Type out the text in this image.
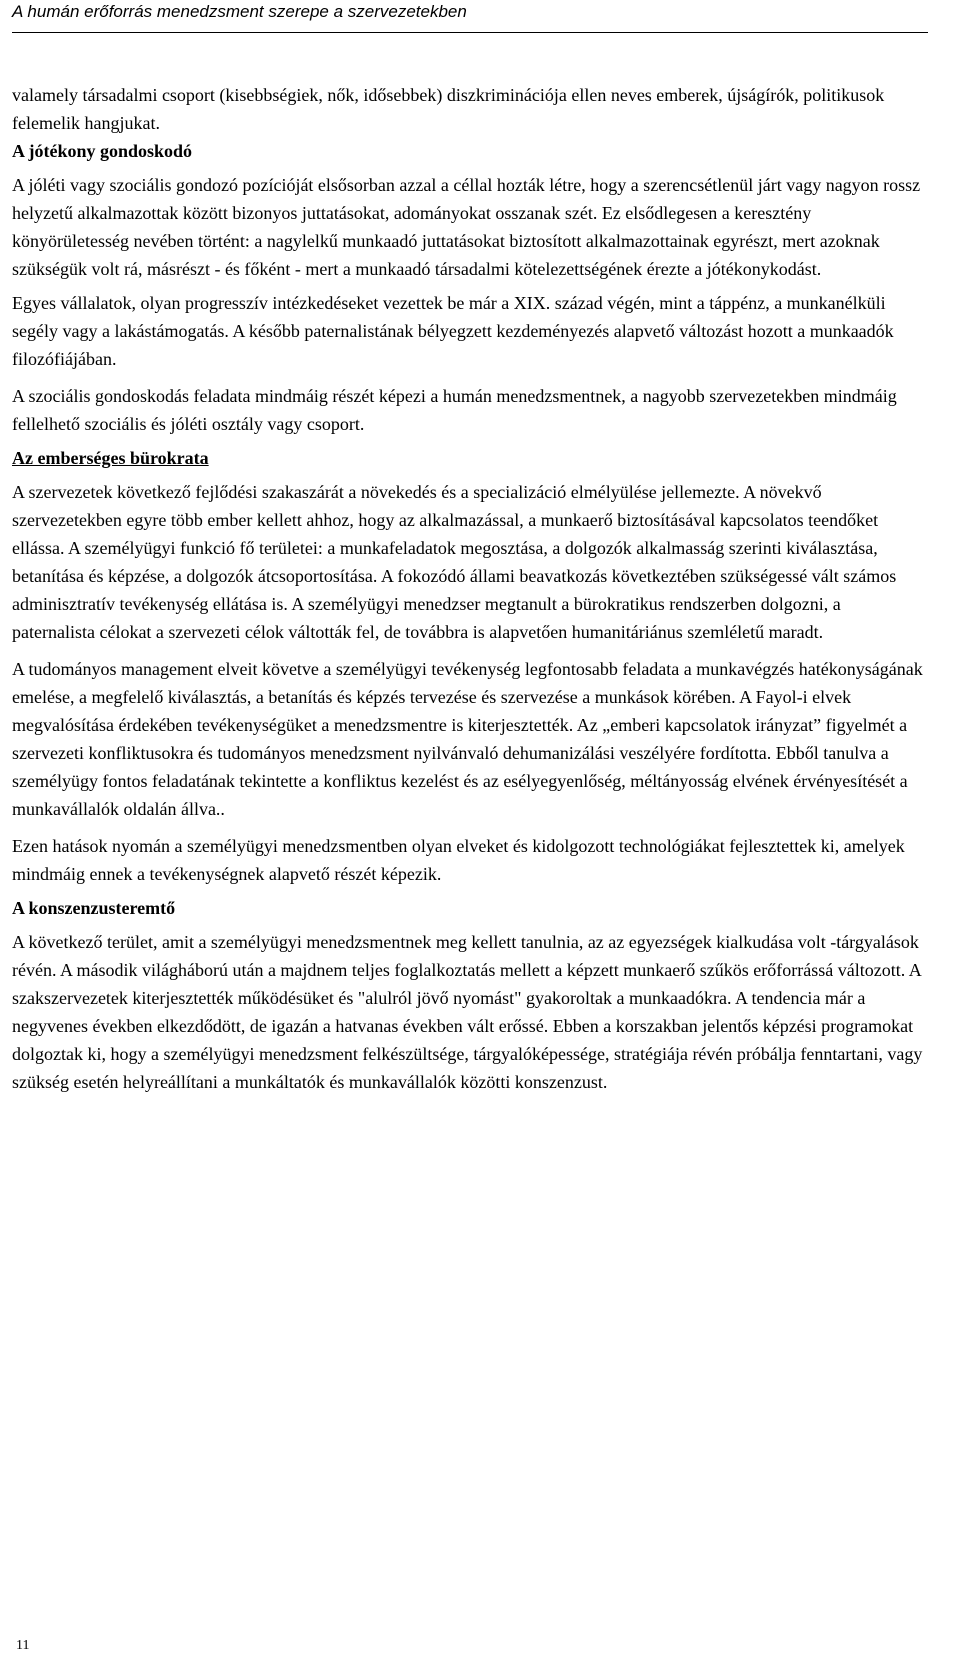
A humán erőforrás menedzsment szerepe a szervezetekben

valamely társadalmi csoport (kisebbségiek, nők, idősebbek) diszkriminációja ellen neves emberek, újságírók, politikusok felemelik hangjukat.

A jótékony gondoskodó

A jóléti vagy szociális gondozó pozícióját elsősorban azzal a céllal hozták létre, hogy a szerencsétlenül járt vagy nagyon rossz helyzetű alkalmazottak között bizonyos juttatásokat, adományokat osszanak szét. Ez elsődlegesen a keresztény könyörületesség nevében történt: a nagylelkű munkaadó juttatásokat biztosított alkalmazottainak egyrészt, mert azoknak szükségük volt rá, másrészt - és főként - mert a munkaadó társadalmi kötelezettségének érezte a jótékonykodást.

Egyes vállalatok, olyan progresszív intézkedéseket vezettek be már a XIX. század végén, mint a táppénz, a munkanélküli segély vagy a lakástámogatás. A később paternalistának bélyegzett kezdeményezés alapvető változást hozott a munkaadók filozófiájában.

A szociális gondoskodás feladata mindmáig részét képezi a humán menedzsmentnek, a nagyobb szervezetekben mindmáig fellelhető szociális és jóléti osztály vagy csoport.

Az emberséges bürokrata

A szervezetek következő fejlődési szakaszárát a növekedés és a specializáció elmélyülése jellemezte. A növekvő szervezetekben egyre több ember kellett ahhoz, hogy az alkalmazással, a munkaerő biztosításával kapcsolatos teendőket ellássa. A személyügyi funkció fő területei: a munkafeladatok megosztása, a dolgozók alkalmasság szerinti kiválasztása, betanítása és képzése, a dolgozók átcsoportosítása. A fokozódó állami beavatkozás következtében szükségessé vált számos adminisztratív tevékenység ellátása is. A személyügyi menedzser megtanult a bürokratikus rendszerben dolgozni, a paternalista célokat a szervezeti célok váltották fel, de továbbra is alapvetően humanitáriánus szemléletű maradt.

A tudományos management elveit követve a személyügyi tevékenység legfontosabb feladata a munkavégzés hatékonyságának emelése, a megfelelő kiválasztás, a betanítás és képzés tervezése és szervezése a munkások körében. A Fayol-i elvek megvalósítása érdekében tevékenységüket a menedzsmentre is kiterjesztették. Az „emberi kapcsolatok irányzat” figyelmét a szervezeti konfliktusokra és tudományos menedzsment nyilvánvaló dehumanizálási veszélyére fordította. Ebből tanulva a személyügy fontos feladatának tekintette a konfliktus kezelést és az esélyegyenlőség, méltányosság elvének érvényesítését a munkavállalók oldalán állva..

Ezen hatások nyomán a személyügyi menedzsmentben olyan elveket és kidolgozott technológiákat fejlesztettek ki, amelyek mindmáig ennek a tevékenységnek alapvető részét képezik.

A konszenzusteremtő

A következő terület, amit a személyügyi menedzsmentnek meg kellett tanulnia, az az egyezségek kialkudása volt -tárgyalások révén. A második világháború után a majdnem teljes foglalkoztatás mellett a képzett munkaerő szűkös erőforrássá változott. A szakszervezetek kiterjesztették működésüket és "alulról jövő nyomást" gyakoroltak a munkaadókra. A tendencia már a negyvenes években elkezdődött, de igazán a hatvanas években vált erőssé. Ebben a korszakban jelentős képzési programokat dolgoztak ki, hogy a személyügyi menedzsment felkészültsége, tárgyalóképessége, stratégiája révén próbálja fenntartani, vagy szükség esetén helyreállítani a munkáltatók és munkavállalók közötti konszenzust.

11
